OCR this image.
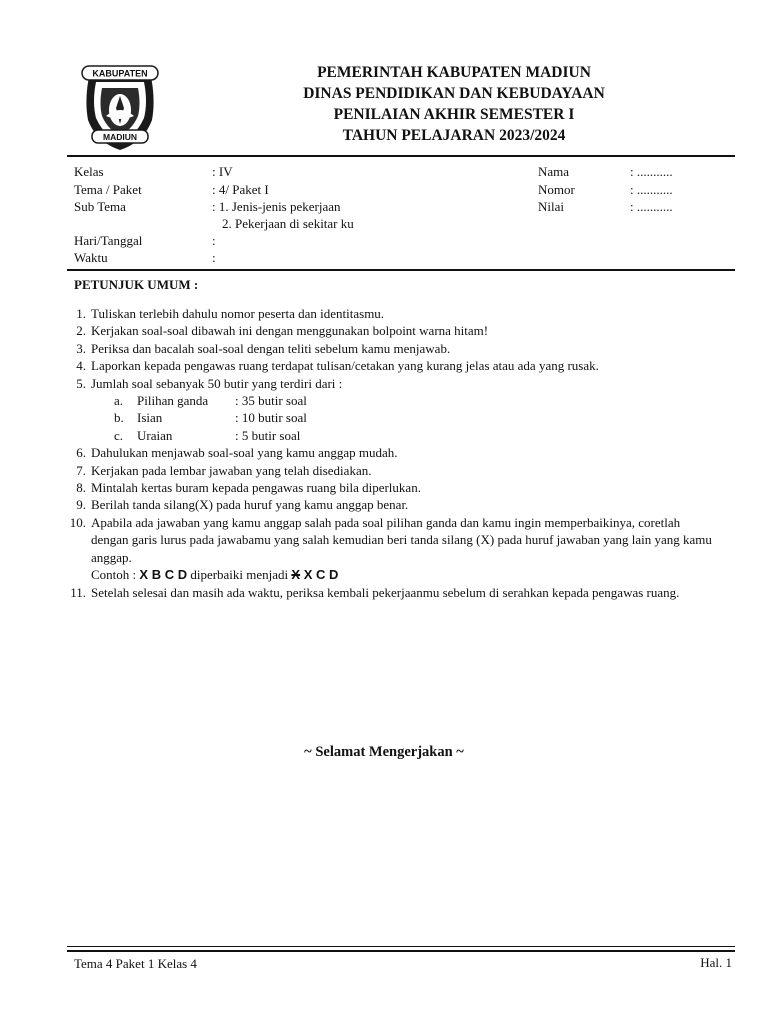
KABUPATEN
MADIUN
PEMERINTAH KABUPATEN MADIUN
DINAS PENDIDIKAN DAN KEBUDAYAAN
PENILAIAN AKHIR SEMESTER I
TAHUN PELAJARAN 2023/2024
Kelas	: IV
Tema / Paket	: 4/ Paket I
Sub Tema	: 1. Jenis-jenis pekerjaan
2. Pekerjaan di sekitar ku
Hari/Tanggal	:
Waktu	:
Nama	: ...........
Nomor	: ...........
Nilai	: ...........
PETUNJUK UMUM :
1. Tuliskan terlebih dahulu nomor peserta dan identitasmu.
2. Kerjakan soal-soal dibawah ini dengan menggunakan bolpoint warna hitam!
3. Periksa dan bacalah soal-soal dengan teliti sebelum kamu menjawab.
4. Laporkan kepada pengawas ruang terdapat tulisan/cetakan yang kurang jelas atau ada yang rusak.
5. Jumlah soal sebanyak 50 butir yang terdiri dari :
a.	Pilihan ganda	: 35 butir soal
b.	Isian	: 10 butir soal
c.	Uraian	: 5 butir soal
6. Dahulukan menjawab soal-soal yang kamu anggap mudah.
7. Kerjakan pada lembar jawaban yang telah disediakan.
8. Mintalah kertas buram kepada pengawas ruang bila diperlukan.
9. Berilah tanda silang(X) pada huruf yang kamu anggap benar.
10. Apabila ada jawaban yang kamu anggap salah pada soal pilihan ganda dan kamu ingin memperbaikinya, coretlah dengan garis lurus pada jawabamu yang salah kemudian beri tanda silang (X) pada huruf jawaban yang lain yang kamu anggap.
Contoh : X B C D diperbaiki menjadi X X C D
11. Setelah selesai dan masih ada waktu, periksa kembali pekerjaanmu sebelum di serahkan kepada pengawas ruang.
~ Selamat Mengerjakan ~
Tema 4 Paket 1 Kelas 4	Hal. 1
